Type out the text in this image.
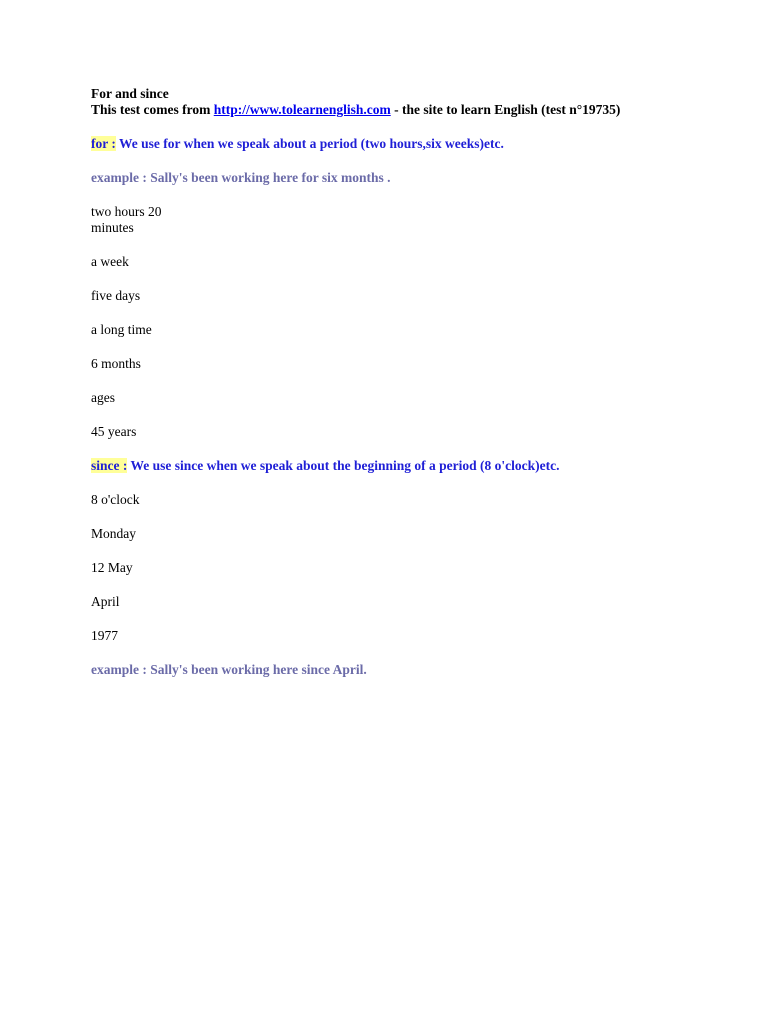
For and since
This test comes from http://www.tolearnenglish.com - the site to learn English (test n°19735)
for : We use for when we speak about a period (two hours,six weeks)etc.
example : Sally's been working here for six months .
two hours 20 minutes
a week
five days
a long time
6 months
ages
45 years
since : We use since when we speak about the beginning of a period (8 o'clock)etc.
8 o'clock
Monday
12 May
April
1977
example : Sally's been working here since April.
